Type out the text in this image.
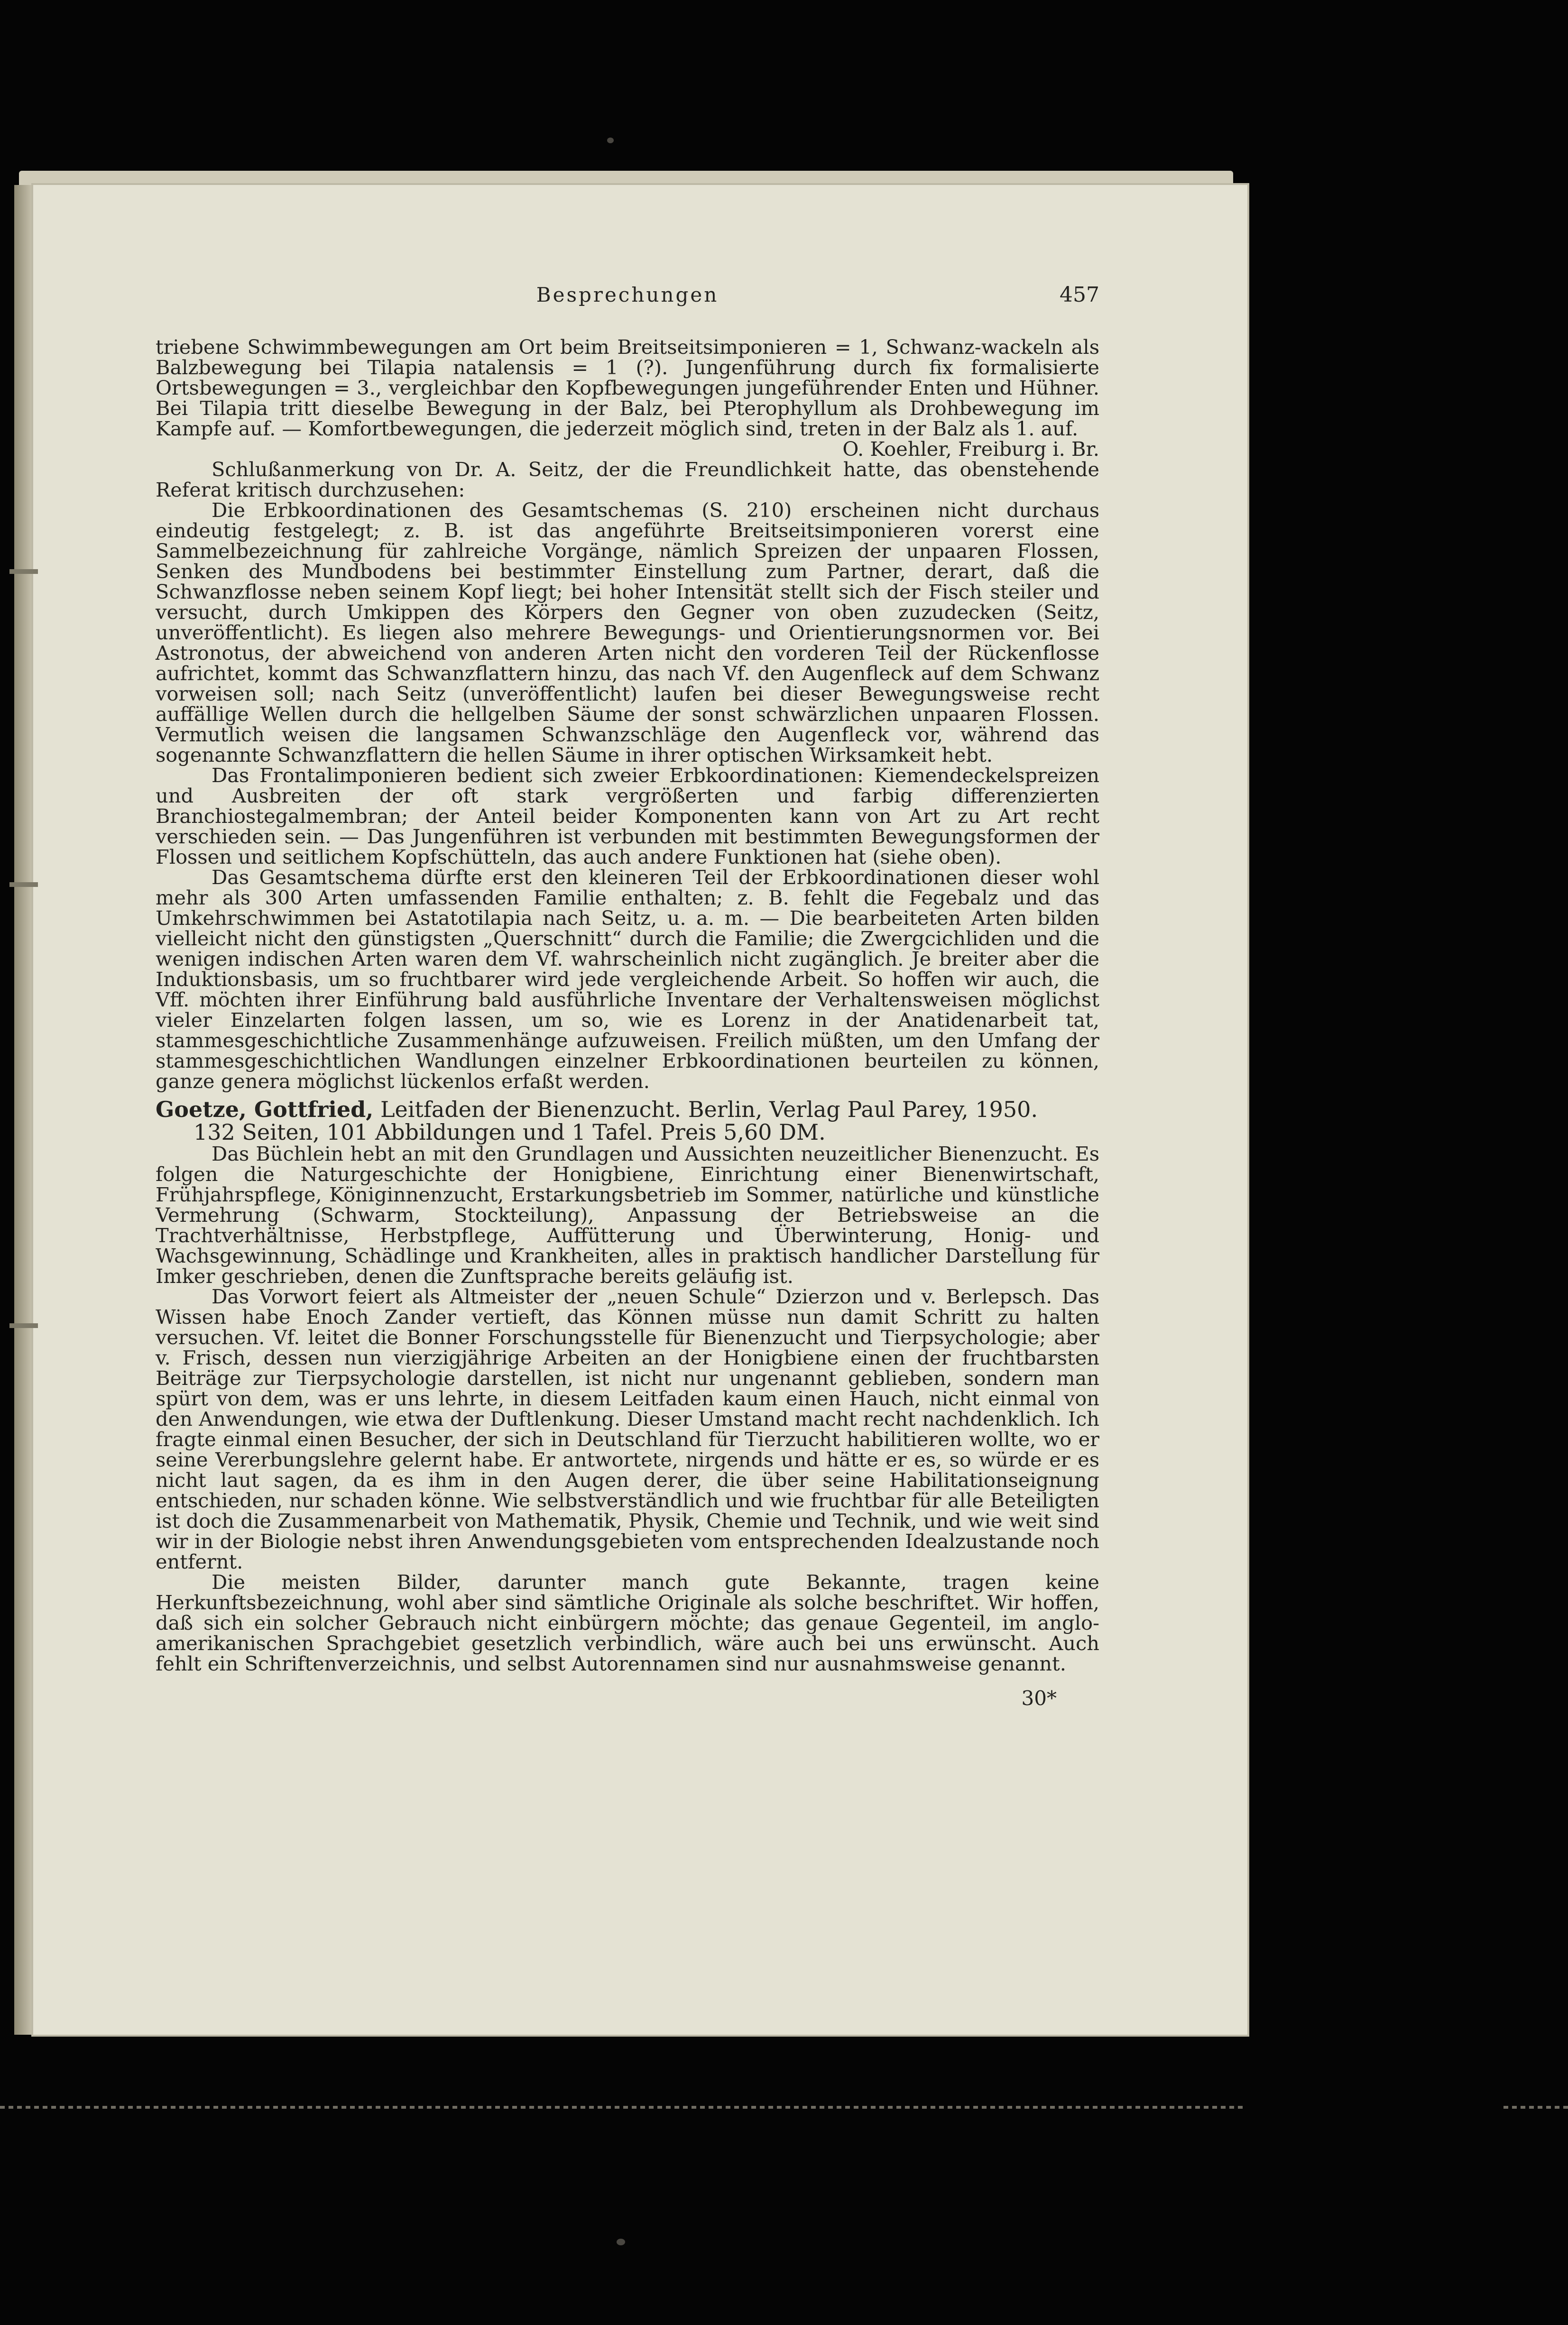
Besprechungen	457

triebene Schwimmbewegungen am Ort beim Breitseitsimponieren = 1, Schwanz-wackeln als Balzbewegung bei Tilapia natalensis = 1 (?). Jungenführung durch fix formalisierte Ortsbewegungen = 3., vergleichbar den Kopfbewegungen jungeführender Enten und Hühner. Bei Tilapia tritt dieselbe Bewegung in der Balz, bei Pterophyllum als Drohbewegung im Kampfe auf. — Komfortbewegungen, die jederzeit möglich sind, treten in der Balz als 1. auf.

O. Koehler, Freiburg i. Br.

Schlußanmerkung von Dr. A. Seitz, der die Freundlichkeit hatte, das obenstehende Referat kritisch durchzusehen:

Die Erbkoordinationen des Gesamtschemas (S. 210) erscheinen nicht durchaus eindeutig festgelegt; z. B. ist das angeführte Breitseitsimponieren vorerst eine Sammelbezeichnung für zahlreiche Vorgänge, nämlich Spreizen der unpaaren Flossen, Senken des Mundbodens bei bestimmter Einstellung zum Partner, derart, daß die Schwanzflosse neben seinem Kopf liegt; bei hoher Intensität stellt sich der Fisch steiler und versucht, durch Umkippen des Körpers den Gegner von oben zuzudecken (Seitz, unveröffentlicht). Es liegen also mehrere Bewegungs- und Orientierungsnormen vor. Bei Astronotus, der abweichend von anderen Arten nicht den vorderen Teil der Rückenflosse aufrichtet, kommt das Schwanzflattern hinzu, das nach Vf. den Augenfleck auf dem Schwanz vorweisen soll; nach Seitz (unveröffentlicht) laufen bei dieser Bewegungsweise recht auffällige Wellen durch die hellgelben Säume der sonst schwärzlichen unpaaren Flossen. Vermutlich weisen die langsamen Schwanzschläge den Augenfleck vor, während das sogenannte Schwanzflattern die hellen Säume in ihrer optischen Wirksamkeit hebt.

Das Frontalimponieren bedient sich zweier Erbkoordinationen: Kiemendeckelspreizen und Ausbreiten der oft stark vergrößerten und farbig differenzierten Branchiostegalmembran; der Anteil beider Komponenten kann von Art zu Art recht verschieden sein. — Das Jungenführen ist verbunden mit bestimmten Bewegungsformen der Flossen und seitlichem Kopfschütteln, das auch andere Funktionen hat (siehe oben).

Das Gesamtschema dürfte erst den kleineren Teil der Erbkoordinationen dieser wohl mehr als 300 Arten umfassenden Familie enthalten; z. B. fehlt die Fegebalz und das Umkehrschwimmen bei Astatotilapia nach Seitz, u. a. m. — Die bearbeiteten Arten bilden vielleicht nicht den günstigsten „Querschnitt“ durch die Familie; die Zwergcichliden und die wenigen indischen Arten waren dem Vf. wahrscheinlich nicht zugänglich. Je breiter aber die Induktionsbasis, um so fruchtbarer wird jede vergleichende Arbeit. So hoffen wir auch, die Vff. möchten ihrer Einführung bald ausführliche Inventare der Verhaltensweisen möglichst vieler Einzelarten folgen lassen, um so, wie es Lorenz in der Anatidenarbeit tat, stammesgeschichtliche Zusammenhänge aufzuweisen. Freilich müßten, um den Umfang der stammesgeschichtlichen Wandlungen einzelner Erbkoordinationen beurteilen zu können, ganze genera möglichst lückenlos erfaßt werden.

Goetze, Gottfried, Leitfaden der Bienenzucht. Berlin, Verlag Paul Parey, 1950.
132 Seiten, 101 Abbildungen und 1 Tafel. Preis 5,60 DM.

Das Büchlein hebt an mit den Grundlagen und Aussichten neuzeitlicher Bienenzucht. Es folgen die Naturgeschichte der Honigbiene, Einrichtung einer Bienenwirtschaft, Frühjahrspflege, Königinnenzucht, Erstarkungsbetrieb im Sommer, natürliche und künstliche Vermehrung (Schwarm, Stockteilung), Anpassung der Betriebsweise an die Trachtverhältnisse, Herbstpflege, Auffütterung und Überwinterung, Honig- und Wachsgewinnung, Schädlinge und Krankheiten, alles in praktisch handlicher Darstellung für Imker geschrieben, denen die Zunftsprache bereits geläufig ist.

Das Vorwort feiert als Altmeister der „neuen Schule“ Dzierzon und v. Berlepsch. Das Wissen habe Enoch Zander vertieft, das Können müsse nun damit Schritt zu halten versuchen. Vf. leitet die Bonner Forschungsstelle für Bienenzucht und Tierpsychologie; aber v. Frisch, dessen nun vierzigjährige Arbeiten an der Honigbiene einen der fruchtbarsten Beiträge zur Tierpsychologie darstellen, ist nicht nur ungenannt geblieben, sondern man spürt von dem, was er uns lehrte, in diesem Leitfaden kaum einen Hauch, nicht einmal von den Anwendungen, wie etwa der Duftlenkung. Dieser Umstand macht recht nachdenklich. Ich fragte einmal einen Besucher, der sich in Deutschland für Tierzucht habilitieren wollte, wo er seine Vererbungslehre gelernt habe. Er antwortete, nirgends und hätte er es, so würde er es nicht laut sagen, da es ihm in den Augen derer, die über seine Habilitationseignung entschieden, nur schaden könne. Wie selbstverständlich und wie fruchtbar für alle Beteiligten ist doch die Zusammenarbeit von Mathematik, Physik, Chemie und Technik, und wie weit sind wir in der Biologie nebst ihren Anwendungsgebieten vom entsprechenden Idealzustande noch entfernt.

Die meisten Bilder, darunter manch gute Bekannte, tragen keine Herkunftsbezeichnung, wohl aber sind sämtliche Originale als solche beschriftet. Wir hoffen, daß sich ein solcher Gebrauch nicht einbürgern möchte; das genaue Gegenteil, im anglo-amerikanischen Sprachgebiet gesetzlich verbindlich, wäre auch bei uns erwünscht. Auch fehlt ein Schriftenverzeichnis, und selbst Autorennamen sind nur ausnahmsweise genannt.

30*
